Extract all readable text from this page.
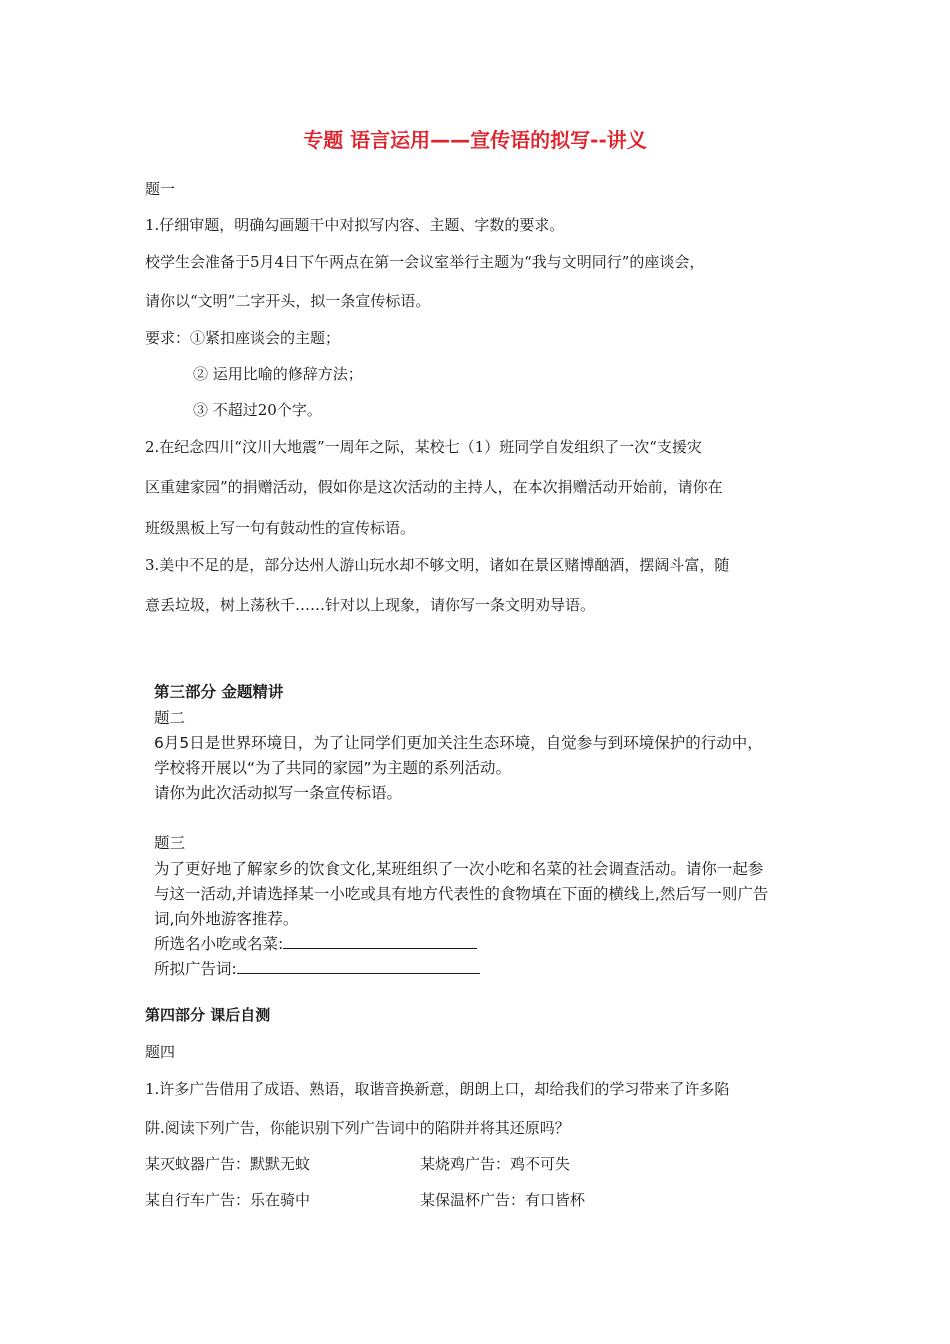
专题 语言运用——宣传语的拟写--讲义
题一
1.仔细审题，明确勾画题干中对拟写内容、主题、字数的要求。
校学生会准备于5月4日下午两点在第一会议室举行主题为“我与文明同行”的座谈会，
请你以“文明”二字开头，拟一条宣传标语。
要求：①紧扣座谈会的主题；
② 运用比喻的修辞方法；
③ 不超过20个字。
2.在纪念四川“汶川大地震”一周年之际，某校七（1）班同学自发组织了一次“支援灾
区重建家园”的捐赠活动，假如你是这次活动的主持人，在本次捐赠活动开始前，请你在
班级黑板上写一句有鼓动性的宣传标语。
3.美中不足的是，部分达州人游山玩水却不够文明，诸如在景区赌博酗酒，摆阔斗富，随
意丢垃圾，树上荡秋千……针对以上现象，请你写一条文明劝导语。
第三部分 金题精讲
题二
6月5日是世界环境日，为了让同学们更加关注生态环境，自觉参与到环境保护的行动中，
学校将开展以“为了共同的家园”为主题的系列活动。
请你为此次活动拟写一条宣传标语。
题三
为了更好地了解家乡的饮食文化,某班组织了一次小吃和名菜的社会调查活动。请你一起参
与这一活动,并请选择某一小吃或具有地方代表性的食物填在下面的横线上,然后写一则广告
词,向外地游客推荐。
所选名小吃或名菜:
所拟广告词:
第四部分 课后自测
题四
1.许多广告借用了成语、熟语，取谐音换新意，朗朗上口，却给我们的学习带来了许多陷
阱.阅读下列广告，你能识别下列广告词中的陷阱并将其还原吗？
某灭蚊器广告：默默无蚊	某烧鸡广告：鸡不可失
某自行车广告：乐在骑中	某保温杯广告：有口皆杯
